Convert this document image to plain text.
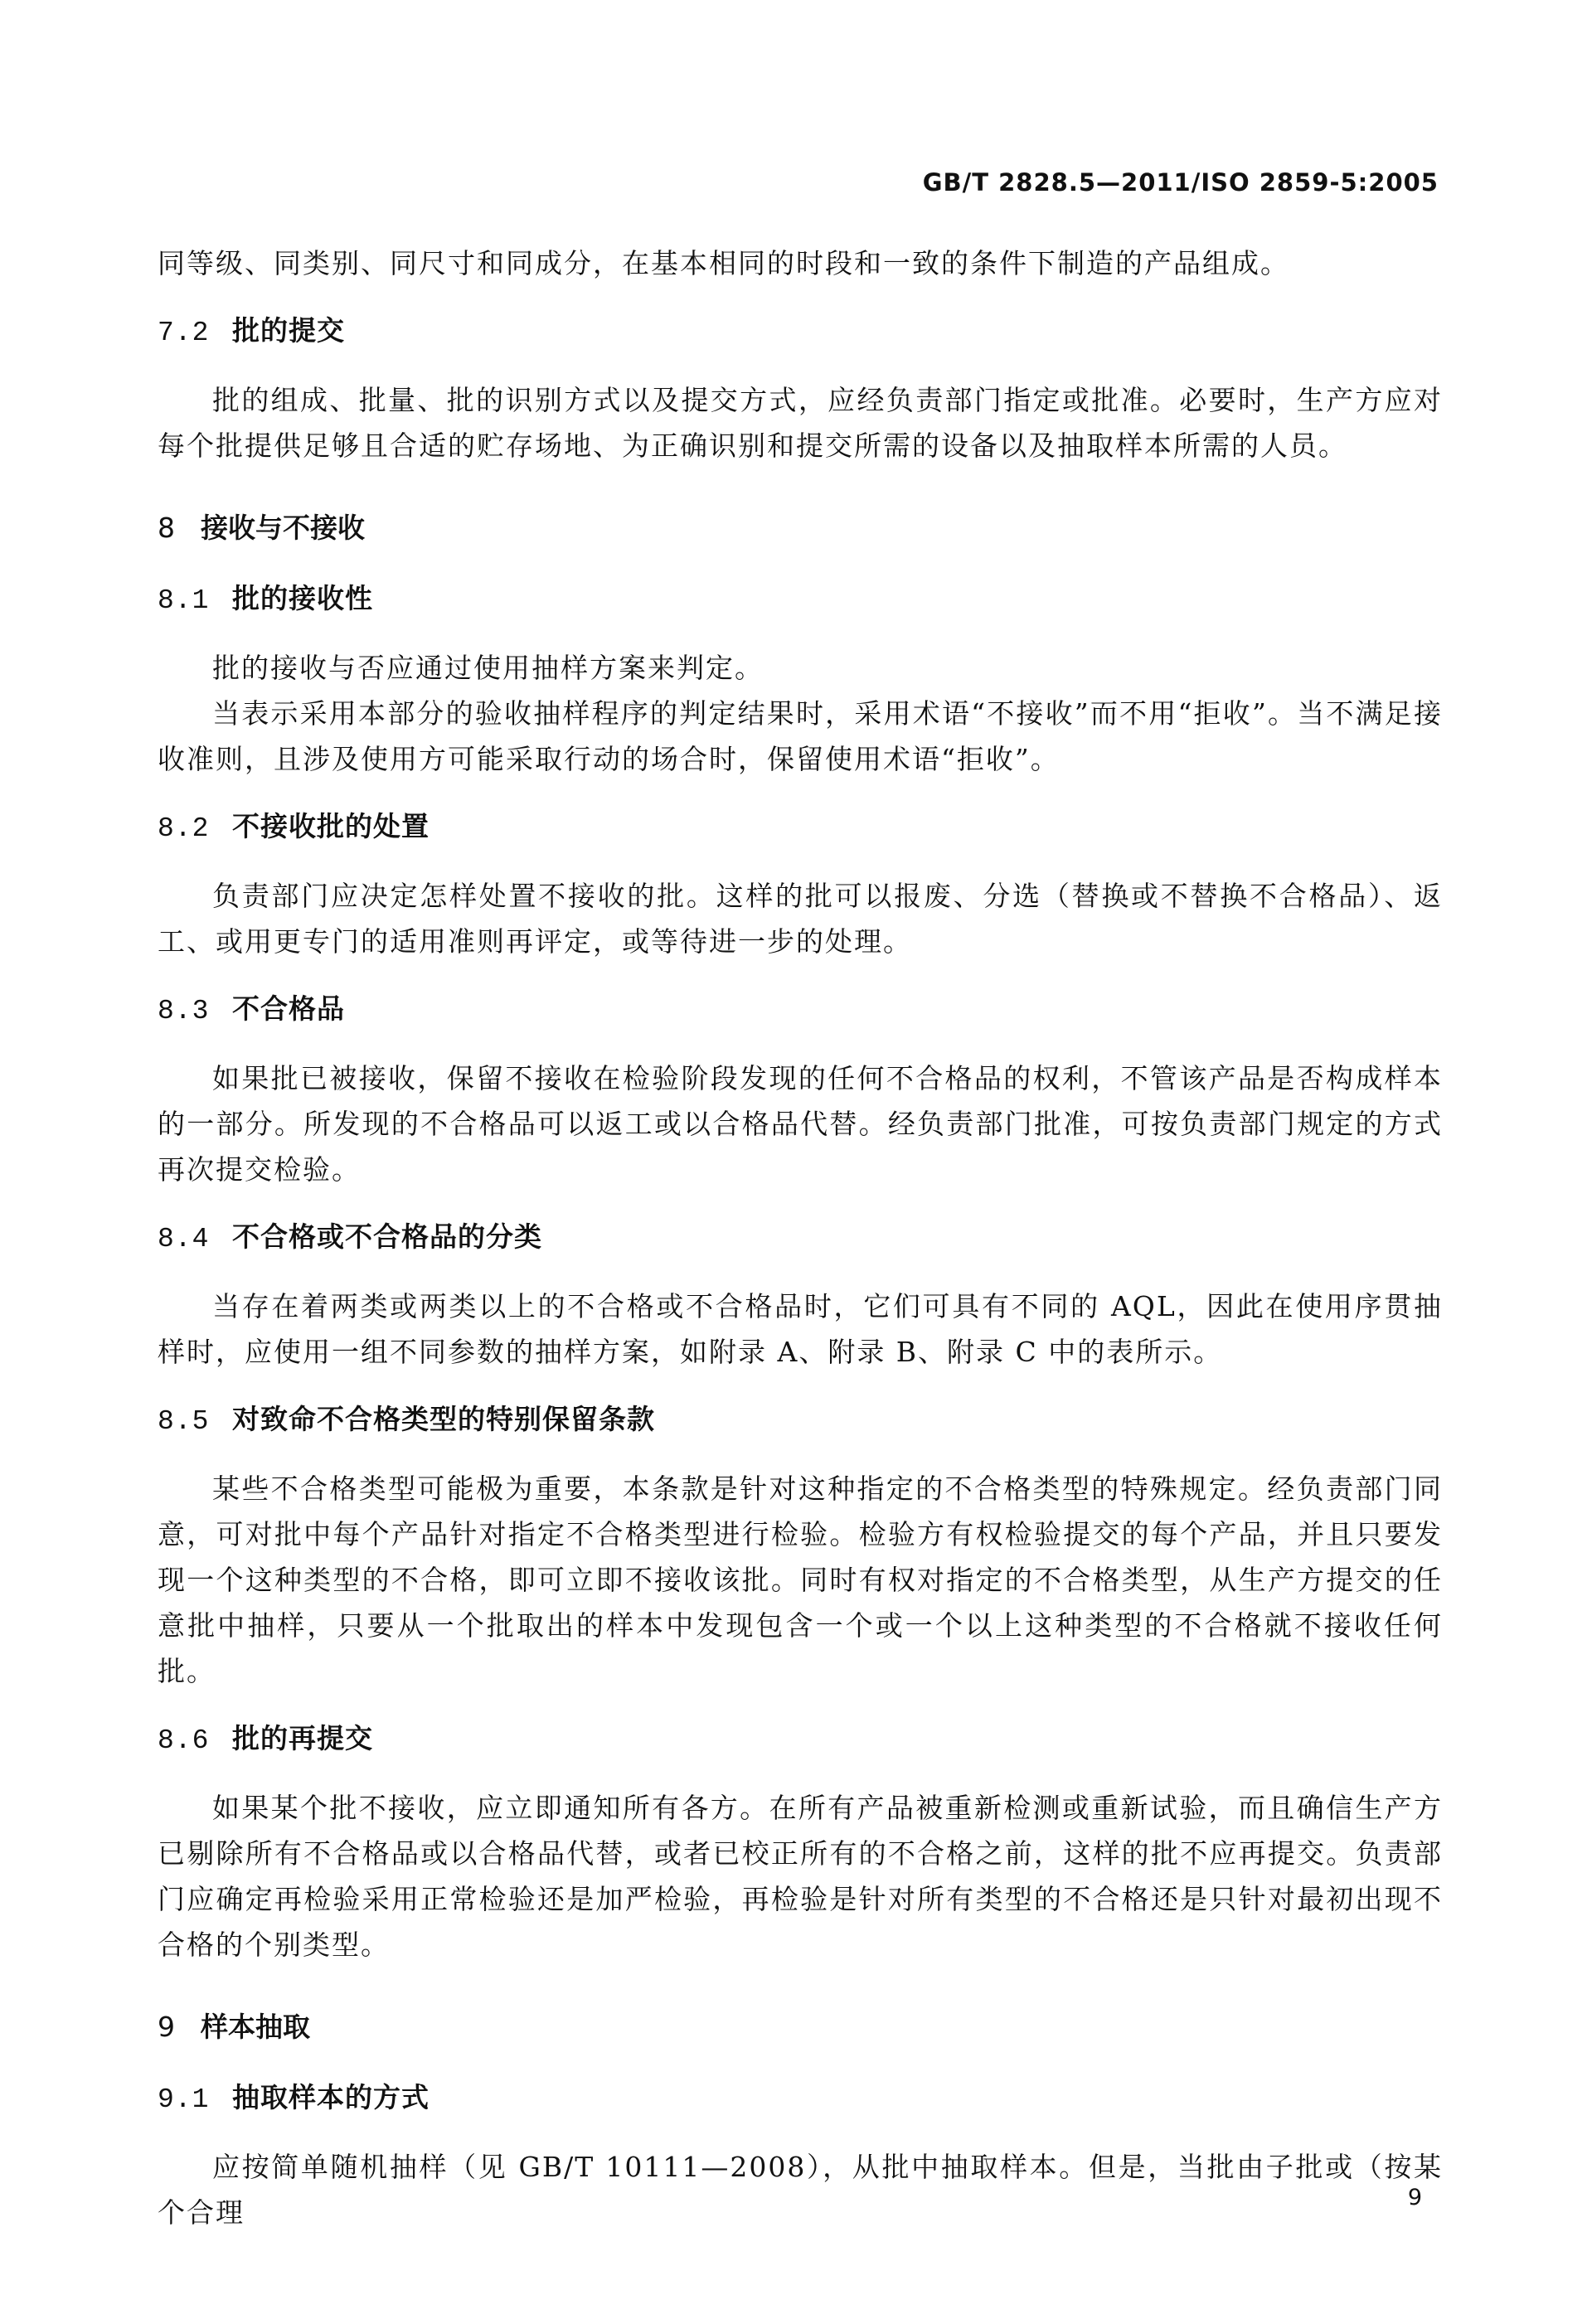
GB/T 2828.5—2011/ISO 2859-5:2005

同等级、同类别、同尺寸和同成分，在基本相同的时段和一致的条件下制造的产品组成。

7.2 批的提交

批的组成、批量、批的识别方式以及提交方式，应经负责部门指定或批准。必要时，生产方应对每个批提供足够且合适的贮存场地、为正确识别和提交所需的设备以及抽取样本所需的人员。

8 接收与不接收
8.1 批的接收性

批的接收与否应通过使用抽样方案来判定。

当表示采用本部分的验收抽样程序的判定结果时，采用术语“不接收”而不用“拒收”。当不满足接收准则，且涉及使用方可能采取行动的场合时，保留使用术语“拒收”。

8.2 不接收批的处置

负责部门应决定怎样处置不接收的批。这样的批可以报废、分选（替换或不替换不合格品）、返工、或用更专门的适用准则再评定，或等待进一步的处理。

8.3 不合格品

如果批已被接收，保留不接收在检验阶段发现的任何不合格品的权利，不管该产品是否构成样本的一部分。所发现的不合格品可以返工或以合格品代替。经负责部门批准，可按负责部门规定的方式再次提交检验。

8.4 不合格或不合格品的分类

当存在着两类或两类以上的不合格或不合格品时，它们可具有不同的 AQL，因此在使用序贯抽样时，应使用一组不同参数的抽样方案，如附录 A、附录 B、附录 C 中的表所示。

8.5 对致命不合格类型的特别保留条款

某些不合格类型可能极为重要，本条款是针对这种指定的不合格类型的特殊规定。经负责部门同意，可对批中每个产品针对指定不合格类型进行检验。检验方有权检验提交的每个产品，并且只要发现一个这种类型的不合格，即可立即不接收该批。同时有权对指定的不合格类型，从生产方提交的任意批中抽样，只要从一个批取出的样本中发现包含一个或一个以上这种类型的不合格就不接收任何批。

8.6 批的再提交

如果某个批不接收，应立即通知所有各方。在所有产品被重新检测或重新试验，而且确信生产方已剔除所有不合格品或以合格品代替，或者已校正所有的不合格之前，这样的批不应再提交。负责部门应确定再检验采用正常检验还是加严检验，再检验是针对所有类型的不合格还是只针对最初出现不合格的个别类型。

9 样本抽取
9.1 抽取样本的方式

应按简单随机抽样（见 GB/T 10111—2008），从批中抽取样本。但是，当批由子批或（按某个合理	9
